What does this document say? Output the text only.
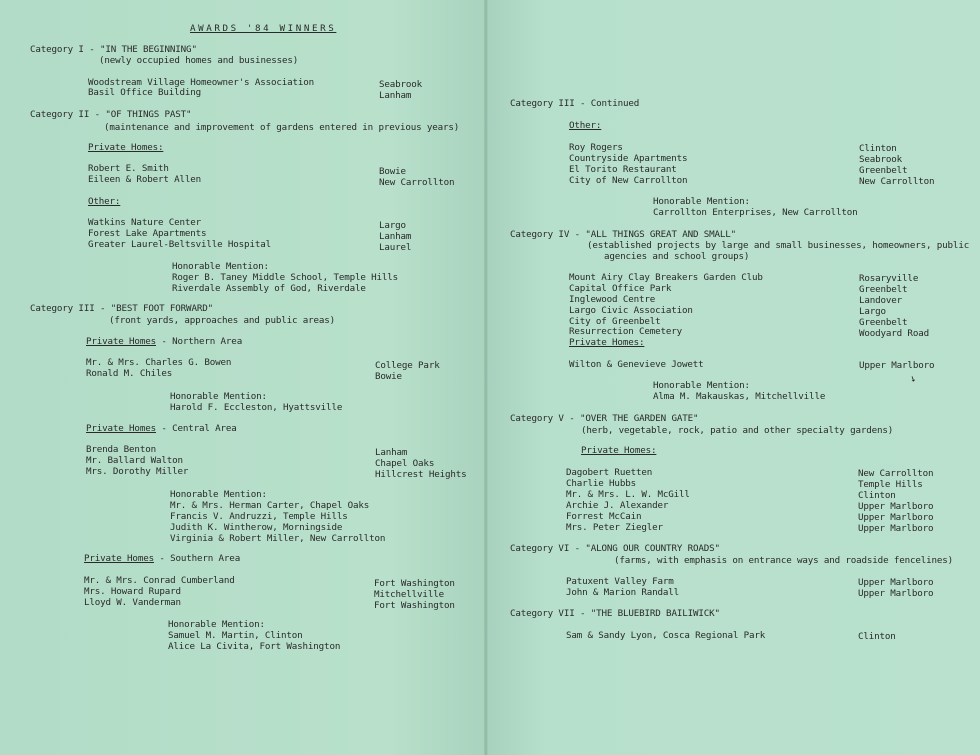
AWARDS '84 WINNERS
Category I - "IN THE BEGINNING"
(newly occupied homes and businesses)
Woodstream Village Homeowner's Association	Seabrook
Basil Office Building	Lanham
Category II - "OF THINGS PAST"
(maintenance and improvement of gardens entered in previous years)
Private Homes:
Robert E. Smith	Bowie
Eileen & Robert Allen	New Carrollton
Other:
Watkins Nature Center	Largo
Forest Lake Apartments	Lanham
Greater Laurel-Beltsville Hospital	Laurel
Honorable Mention:
Roger B. Taney Middle School, Temple Hills
Riverdale Assembly of God, Riverdale
Category III - "BEST FOOT FORWARD"
(front yards, approaches and public areas)
Private Homes - Northern Area
Mr. & Mrs. Charles G. Bowen	College Park
Ronald M. Chiles	Bowie
Honorable Mention:
Harold F. Eccleston, Hyattsville
Private Homes - Central Area
Brenda Benton	Lanham
Mr. Ballard Walton	Chapel Oaks
Mrs. Dorothy Miller	Hillcrest Heights
Honorable Mention:
Mr. & Mrs. Herman Carter, Chapel Oaks
Francis V. Andruzzi, Temple Hills
Judith K. Wintherow, Morningside
Virginia & Robert Miller, New Carrollton
Private Homes - Southern Area
Mr. & Mrs. Conrad Cumberland	Fort Washington
Mrs. Howard Rupard	Mitchellville
Lloyd W. Vanderman	Fort Washington
Honorable Mention:
Samuel M. Martin, Clinton
Alice La Civita, Fort Washington
Category III - Continued
Other:
Roy Rogers	Clinton
Countryside Apartments	Seabrook
El Torito Restaurant	Greenbelt
City of New Carrollton	New Carrollton
Honorable Mention:
Carrollton Enterprises, New Carrollton
Category IV - "ALL THINGS GREAT AND SMALL"
(established projects by large and small businesses, homeowners, public
agencies and school groups)
Mount Airy Clay Breakers Garden Club	Rosaryville
Capital Office Park	Greenbelt
Inglewood Centre	Landover
Largo Civic Association	Largo
City of Greenbelt	Greenbelt
Resurrection Cemetery	Woodyard Road
Private Homes:
Wilton & Genevieve Jowett	Upper Marlboro
Honorable Mention:
Alma M. Makauskas, Mitchellville
↘
Category V - "OVER THE GARDEN GATE"
(herb, vegetable, rock, patio and other specialty gardens)
Private Homes:
Dagobert Ruetten	New Carrollton
Charlie Hubbs	Temple Hills
Mr. & Mrs. L. W. McGill	Clinton
Archie J. Alexander	Upper Marlboro
Forrest McCain	Upper Marlboro
Mrs. Peter Ziegler	Upper Marlboro
Category VI - "ALONG OUR COUNTRY ROADS"
(farms, with emphasis on entrance ways and roadside fencelines)
Patuxent Valley Farm	Upper Marlboro
John & Marion Randall	Upper Marlboro
Category VII - "THE BLUEBIRD BAILIWICK"
Sam & Sandy Lyon, Cosca Regional Park	Clinton
